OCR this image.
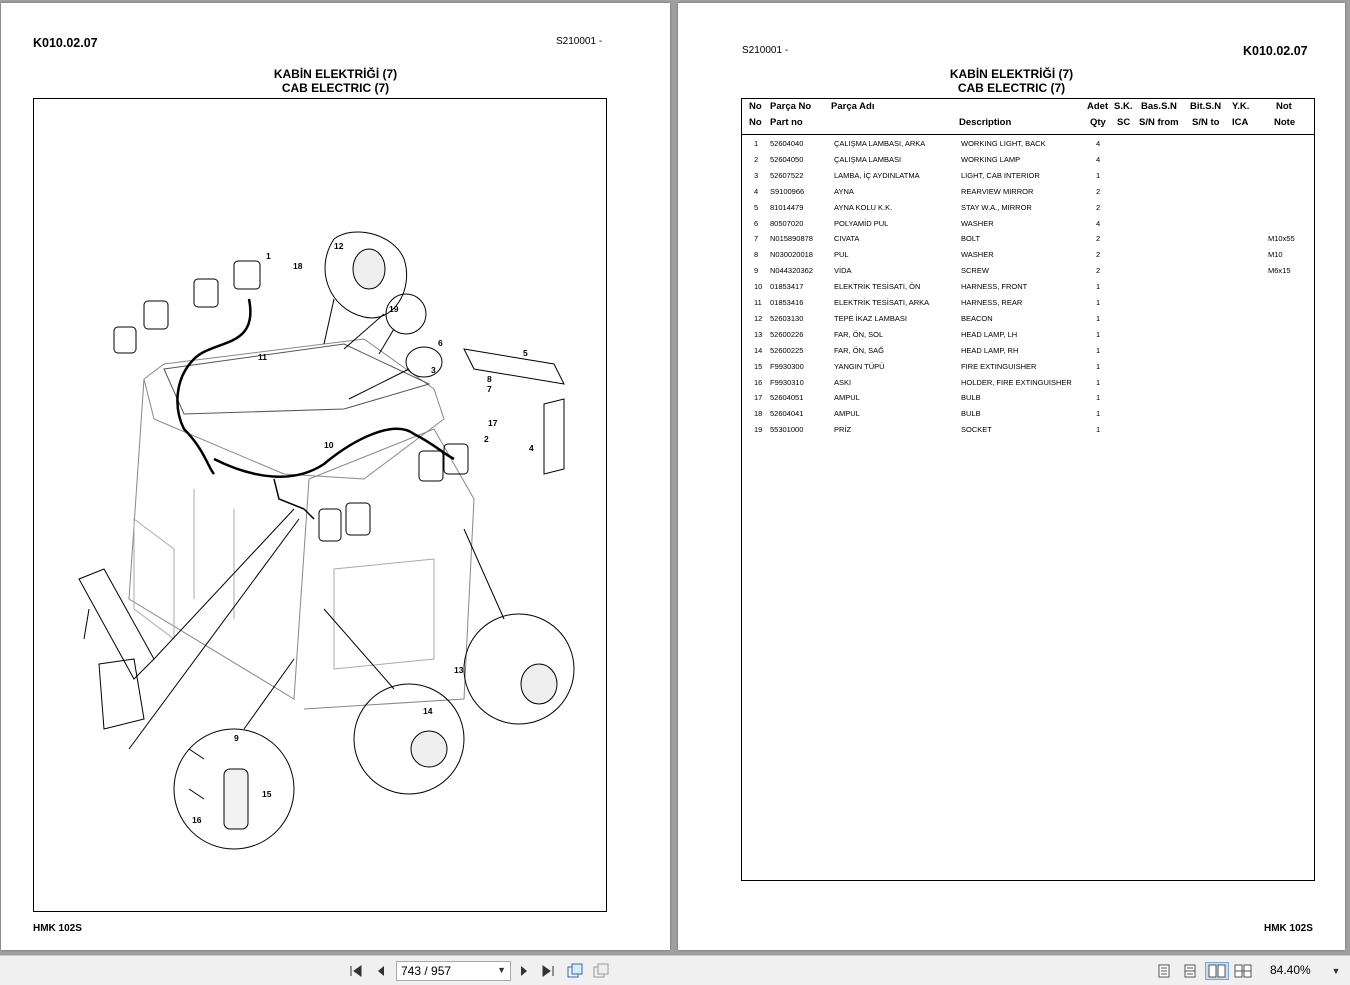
K010.02.07	S210001 -
KABİN ELEKTRİĞİ (7)
CAB ELECTRIC (7)
1
2
3
4
5
6
7
8
9
10
11
12
13
14
15
16
17
18
19
HMK 102S
S210001 -	K010.02.07
KABİN ELEKTRİĞİ (7)
CAB ELECTRIC (7)
No Parça No Parça Adı	Adet S.K. Bas.S.N Bit.S.N Y.K.	Not
No Part no	Description	Qty SC S/N from S/N to ICA	Note
1 52604040	ÇALIŞMA LAMBASI, ARKA	WORKING LIGHT, BACK	4
2 52604050	ÇALIŞMA LAMBASI	WORKING LAMP	4
3 52607522	LAMBA, İÇ AYDINLATMA	LIGHT, CAB INTERIOR	1
4 S9100966	AYNA	REARVIEW MIRROR	2
5 81014479	AYNA KOLU K.K.	STAY W.A., MIRROR	2
6 80507020	POLYAMİD PUL	WASHER	4
7 N015890878	CIVATA	BOLT	2	M10x55
8 N030020018	PUL	WASHER	2	M10
9 N044320362	VİDA	SCREW	2	M6x15
10 01853417	ELEKTRİK TESİSATI, ÖN	HARNESS, FRONT	1
11 01853416	ELEKTRİK TESİSATI, ARKA	HARNESS, REAR	1
12 52603130	TEPE İKAZ LAMBASI	BEACON	1
13 52600226	FAR, ÖN, SOL	HEAD LAMP, LH	1
14 52600225	FAR, ÖN, SAĞ	HEAD LAMP, RH	1
15 F9930300	YANGIN TÜPÜ	FIRE EXTINGUISHER	1
16 F9930310	ASKI	HOLDER, FIRE EXTINGUISHER	1
17 52604051	AMPUL	BULB	1
18 52604041	AMPUL	BULB	1
19 55301000	PRİZ	SOCKET	1
HMK 102S
743 / 957	▼	84.40%	▼
